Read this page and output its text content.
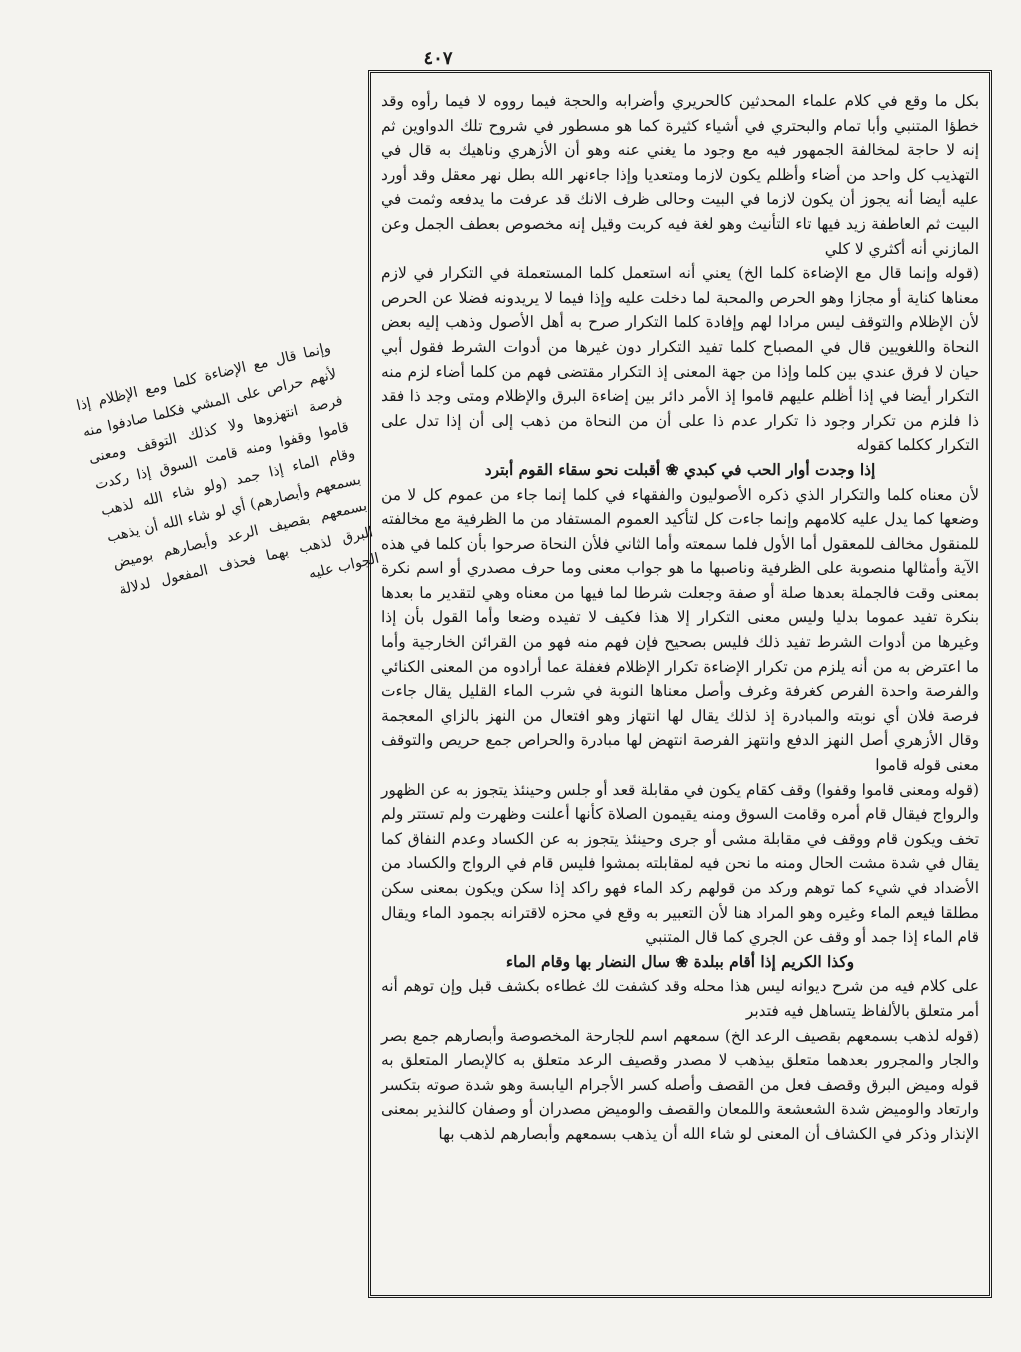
٤٠٧

بكل ما وقع في كلام علماء المحدثين كالحريري وأضرابه والحجة فيما رووه لا فيما رأوه وقد خطؤا المتنبي وأبا تمام والبحتري في أشياء كثيرة كما هو مسطور في شروح تلك الدواوين ثم إنه لا حاجة لمخالفة الجمهور فيه مع وجود ما يغني عنه وهو أن الأزهري وناهيك به قال في التهذيب كل واحد من أضاء وأظلم يكون لازما ومتعديا وإذا جاءنهر الله بطل نهر معقل وقد أورد عليه أيضا أنه يجوز أن يكون لازما في البيت وحالى ظرف الانك قد عرفت ما يدفعه وثمت في البيت ثم العاطفة زيد فيها تاء التأنيث وهو لغة فيه كربت وقيل إنه مخصوص بعطف الجمل وعن المازني أنه أكثري لا كلي

(قوله وإنما قال مع الإضاءة كلما الخ) يعني أنه استعمل كلما المستعملة في التكرار في لازم معناها كناية أو مجازا وهو الحرص والمحبة لما دخلت عليه وإذا فيما لا يريدونه فضلا عن الحرص لأن الإظلام والتوقف ليس مرادا لهم وإفادة كلما التكرار صرح به أهل الأصول وذهب إليه بعض النحاة واللغويين قال في المصباح كلما تفيد التكرار دون غيرها من أدوات الشرط فقول أبي حيان لا فرق عندي بين كلما وإذا من جهة المعنى إذ التكرار مقتضى فهم من كلما أضاء لزم منه التكرار أيضا في إذا أظلم عليهم قاموا إذ الأمر دائر بين إضاءة البرق والإظلام ومتى وجد ذا فقد ذا فلزم من تكرار وجود ذا تكرار عدم ذا على أن من النحاة من ذهب إلى أن إذا تدل على التكرار ككلما كقوله

إذا وجدت أوار الحب في كبدي ❀ أقبلت نحو سقاء القوم أبترد

لأن معناه كلما والتكرار الذي ذكره الأصوليون والفقهاء في كلما إنما جاء من عموم كل لا من وضعها كما يدل عليه كلامهم وإنما جاءت كل لتأكيد العموم المستفاد من ما الظرفية مع مخالفته للمنقول مخالف للمعقول أما الأول فلما سمعته وأما الثاني فلأن النحاة صرحوا بأن كلما في هذه الآية وأمثالها منصوبة على الظرفية وناصبها ما هو جواب معنى وما حرف مصدري أو اسم نكرة بمعنى وقت فالجملة بعدها صلة أو صفة وجعلت شرطا لما فيها من معناه وهي لتقدير ما بعدها بنكرة تفيد عموما بدليا وليس معنى التكرار إلا هذا فكيف لا تفيده وضعا وأما القول بأن إذا وغيرها من أدوات الشرط تفيد ذلك فليس بصحيح فإن فهم منه فهو من القرائن الخارجية وأما ما اعترض به من أنه يلزم من تكرار الإضاءة تكرار الإظلام فغفلة عما أرادوه من المعنى الكنائي والفرصة واحدة الفرص كغرفة وغرف وأصل معناها النوبة في شرب الماء القليل يقال جاءت فرصة فلان أي نوبته والمبادرة إذ لذلك يقال لها انتهاز وهو افتعال من النهز بالزاي المعجمة وقال الأزهري أصل النهز الدفع وانتهز الفرصة انتهض لها مبادرة والحراص جمع حريص والتوقف معنى قوله قاموا

(قوله ومعنى قاموا وقفوا) وقف كقام يكون في مقابلة قعد أو جلس وحينئذ يتجوز به عن الظهور والرواج فيقال قام أمره وقامت السوق ومنه يقيمون الصلاة كأنها أعلنت وظهرت ولم تستتر ولم تخف ويكون قام ووقف في مقابلة مشى أو جرى وحينئذ يتجوز به عن الكساد وعدم النفاق كما يقال في شدة مشت الحال ومنه ما نحن فيه لمقابلته بمشوا فليس قام في الرواج والكساد من الأضداد في شيء كما توهم وركد من قولهم ركد الماء فهو راكد إذا سكن ويكون بمعنى سكن مطلقا فيعم الماء وغيره وهو المراد هنا لأن التعبير به وقع في محزه لاقترانه بجمود الماء ويقال قام الماء إذا جمد أو وقف عن الجري كما قال المتنبي

وكذا الكريم إذا أقام ببلدة ❀ سال النضار بها وقام الماء

على كلام فيه من شرح ديوانه ليس هذا محله وقد كشفت لك غطاءه بكشف قبل وإن توهم أنه أمر متعلق بالألفاظ يتساهل فيه فتدبر

(قوله لذهب بسمعهم بقصيف الرعد الخ) سمعهم اسم للجارحة المخصوصة وأبصارهم جمع بصر والجار والمجرور بعدهما متعلق بيذهب لا مصدر وقصيف الرعد متعلق به كالإبصار المتعلق به قوله وميض البرق وقصف فعل من القصف وأصله كسر الأجرام اليابسة وهو شدة صوته بتكسر وارتعاد والوميض شدة الشعشعة واللمعان والقصف والوميض مصدران أو وصفان كالنذير بمعنى الإنذار وذكر في الكشاف أن المعنى لو شاء الله أن يذهب بسمعهم وأبصارهم لذهب بها

وإنما قال مع الإضاءة كلما ومع الإظلام إذا لأنهم حراص على المشي فكلما صادفوا منه فرصة انتهزوها ولا كذلك التوقف ومعنى قاموا وقفوا ومنه قامت السوق إذا ركدت وقام الماء إذا جمد (ولو شاء الله لذهب بسمعهم وأبصارهم) أي لو شاء الله أن يذهب بسمعهم بقصيف الرعد وأبصارهم بوميض البرق لذهب بهما فحذف المفعول لدلالة الجواب عليه
